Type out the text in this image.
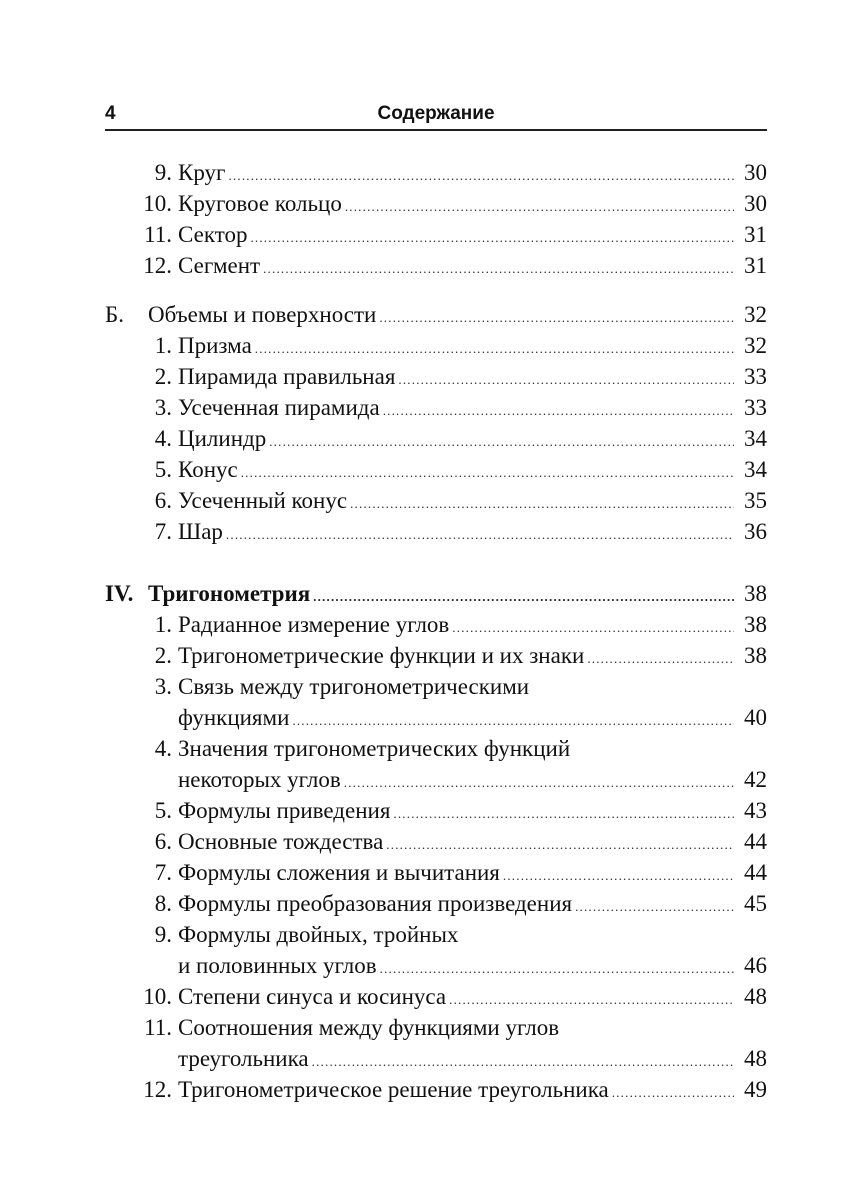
4	Содержание
9. Круг .....	30
10. Круговое кольцо .....	30
11. Сектор .....	31
12. Сегмент .....	31
Б.	Объемы и поверхности .....	32
1. Призма .....	32
2. Пирамида правильная .....	33
3. Усеченная пирамида .....	33
4. Цилиндр .....	34
5. Конус .....	34
6. Усеченный конус .....	35
7. Шар .....	36
IV. Тригонометрия .....	38
1. Радианное измерение углов .....	38
2. Тригонометрические функции и их знаки .....	38
3. Связь между тригонометрическими
функциями .....	40
4. Значения тригонометрических функций
некоторых углов .....	42
5. Формулы приведения .....	43
6. Основные тождества .....	44
7. Формулы сложения и вычитания .....	44
8. Формулы преобразования произведения .....	45
9. Формулы двойных, тройных
и половинных углов .....	46
10. Степени синуса и косинуса .....	48
11. Соотношения между функциями углов
треугольника .....	48
12. Тригонометрическое решение треугольника .....	49
